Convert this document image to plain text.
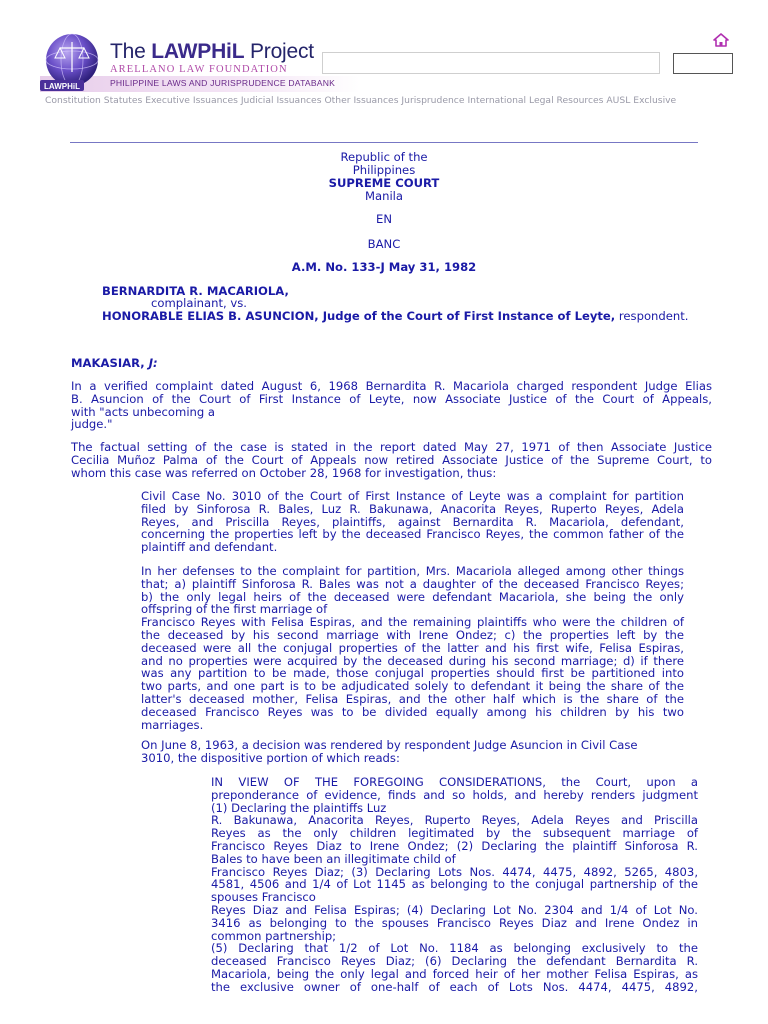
LAWPHiL
The LAWPHiL Project
ARELLANO LAW FOUNDATION
PHILIPPINE LAWS AND JURISPRUDENCE DATABANK
Constitution Statutes Executive Issuances Judicial Issuances Other Issuances Jurisprudence International Legal Resources AUSL Exclusive
Republic of the
Philippines
SUPREME COURT
Manila
EN
BANC
A.M. No. 133-J May 31, 1982
BERNARDITA R. MACARIOLA,
complainant, vs.
HONORABLE ELIAS B. ASUNCION, Judge of the Court of First Instance of Leyte, respondent.
MAKASIAR, J:
In a verified complaint dated August 6, 1968 Bernardita R. Macariola charged respondent Judge Elias
B. Asuncion of the Court of First Instance of Leyte, now Associate Justice of the Court of Appeals,
with "acts unbecoming a
judge."
The factual setting of the case is stated in the report dated May 27, 1971 of then Associate Justice
Cecilia Muñoz Palma of the Court of Appeals now retired Associate Justice of the Supreme Court, to
whom this case was referred on October 28, 1968 for investigation, thus:
Civil Case No. 3010 of the Court of First Instance of Leyte was a complaint for partition
filed by Sinforosa R. Bales, Luz R. Bakunawa, Anacorita Reyes, Ruperto Reyes, Adela
Reyes, and Priscilla Reyes, plaintiffs, against Bernardita R. Macariola, defendant,
concerning the properties left by the deceased Francisco Reyes, the common father of the
plaintiff and defendant.
In her defenses to the complaint for partition, Mrs. Macariola alleged among other things
that; a) plaintiff Sinforosa R. Bales was not a daughter of the deceased Francisco Reyes;
b) the only legal heirs of the deceased were defendant Macariola, she being the only
offspring of the first marriage of
Francisco Reyes with Felisa Espiras, and the remaining plaintiffs who were the children of
the deceased by his second marriage with Irene Ondez; c) the properties left by the
deceased were all the conjugal properties of the latter and his first wife, Felisa Espiras,
and no properties were acquired by the deceased during his second marriage; d) if there
was any partition to be made, those conjugal properties should first be partitioned into
two parts, and one part is to be adjudicated solely to defendant it being the share of the
latter's deceased mother, Felisa Espiras, and the other half which is the share of the
deceased Francisco Reyes was to be divided equally among his children by his two
marriages.
On June 8, 1963, a decision was rendered by respondent Judge Asuncion in Civil Case
3010, the dispositive portion of which reads:
IN VIEW OF THE FOREGOING CONSIDERATIONS, the Court, upon a
preponderance of evidence, finds and so holds, and hereby renders judgment
(1) Declaring the plaintiffs Luz
R. Bakunawa, Anacorita Reyes, Ruperto Reyes, Adela Reyes and Priscilla
Reyes as the only children legitimated by the subsequent marriage of
Francisco Reyes Diaz to Irene Ondez; (2) Declaring the plaintiff Sinforosa R.
Bales to have been an illegitimate child of
Francisco Reyes Diaz; (3) Declaring Lots Nos. 4474, 4475, 4892, 5265, 4803,
4581, 4506 and 1/4 of Lot 1145 as belonging to the conjugal partnership of the
spouses Francisco
Reyes Diaz and Felisa Espiras; (4) Declaring Lot No. 2304 and 1/4 of Lot No.
3416 as belonging to the spouses Francisco Reyes Diaz and Irene Ondez in
common partnership;
(5) Declaring that 1/2 of Lot No. 1184 as belonging exclusively to the
deceased Francisco Reyes Diaz; (6) Declaring the defendant Bernardita R.
Macariola, being the only legal and forced heir of her mother Felisa Espiras, as
the exclusive owner of one-half of each of Lots Nos. 4474, 4475, 4892,
